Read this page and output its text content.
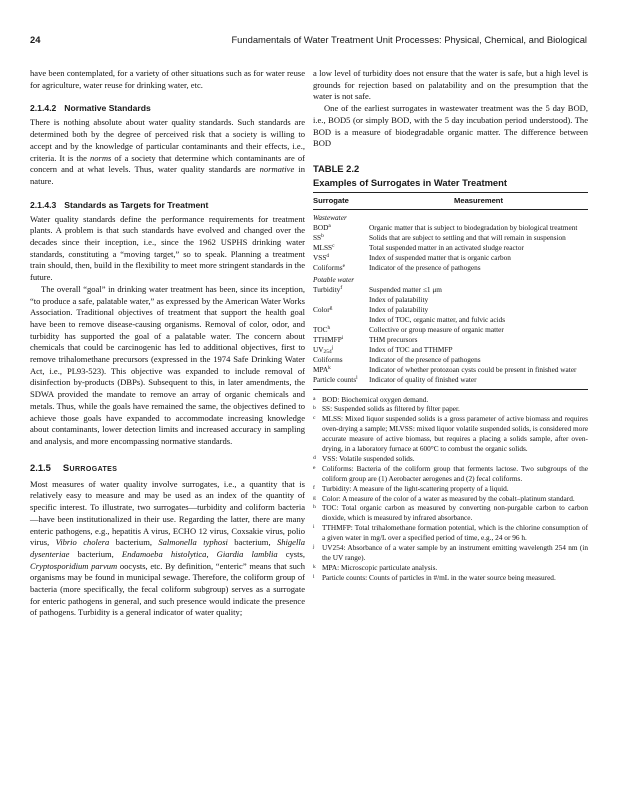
24	Fundamentals of Water Treatment Unit Processes: Physical, Chemical, and Biological

have been contemplated, for a variety of other situations such as for water reuse for agriculture, water reuse for drinking water, etc.

2.1.4.2 Normative Standards

There is nothing absolute about water quality standards. Such standards are determined both by the degree of perceived risk that a society is willing to accept and by the knowledge of particular contaminants and their effects, i.e., criteria. It is the norms of a society that determine which contaminants are of concern and at what levels. Thus, water quality standards are normative in nature.

2.1.4.3 Standards as Targets for Treatment

Water quality standards define the performance requirements for treatment plants. A problem is that such standards have evolved and changed over the decades since their inception, i.e., since the 1962 USPHS drinking water standards, constituting a “moving target,” so to speak. Planning a treatment train should, then, build in the flexibility to meet more stringent standards in the future.

The overall “goal” in drinking water treatment has been, since its inception, “to produce a safe, palatable water,” as expressed by the American Water Works Association. Traditional objectives of treatment that support the health goal have been to remove disease-causing organisms. Removal of color, odor, and turbidity has supported the goal of a palatable water. The concern about chemicals that could be carcinogenic has led to additional objectives, first to remove trihalomethane precursors (expressed in the 1974 Safe Drinking Water Act, i.e., PL93-523). This objective was expanded to include removal of disinfection by-products (DBPs). Subsequent to this, in later amendments, the SDWA provided the mandate to remove an array of organic chemicals and metals. Thus, while the goals have remained the same, the objectives defined to achieve those goals have expanded to accommodate increasing knowledge about contaminants, lower detection limits and increased accuracy in sampling and analysis, and more encompassing normative standards.

2.1.5 Surrogates

Most measures of water quality involve surrogates, i.e., a quantity that is relatively easy to measure and may be used as an index of the quantity of specific interest. To illustrate, two surrogates—turbidity and coliform bacteria—have been institutionalized in their use. Regarding the latter, there are many enteric pathogens, e.g., hepatitis A virus, ECHO 12 virus, Coxsakie virus, polio virus, Vibrio cholera bacterium, Salmonella typhosi bacterium, Shigella dysenteriae bacterium, Endamoeba histolytica, Giardia lamblia cysts, Cryptosporidium parvum oocysts, etc. By definition, “enteric” means that such organisms may be found in municipal sewage. Therefore, the coliform group of bacteria (more specifically, the fecal coliform subgroup) serves as a surrogate for enteric pathogens in general, and such presence would indicate the presence of pathogens. Turbidity is a general indicator of water quality;

a low level of turbidity does not ensure that the water is safe, but a high level is grounds for rejection based on palatability and on the presumption that the water is not safe.

One of the earliest surrogates in wastewater treatment was the 5 day BOD, i.e., BOD5 (or simply BOD, with the 5 day incubation period understood). The BOD is a measure of biodegradable organic matter. The difference between BOD

TABLE 2.2
Examples of Surrogates in Water Treatment
Surrogate	Measurement
Wastewater
BOD$^a$	Organic matter that is subject to biodegradation by biological treatment
$SS^b$	Solids that are subject to settling and that will remain in suspension
MLSS$^c$	Total suspended matter in an activated sludge reactor
VSS$^d$	Index of suspended matter that is organic carbon
Coliforms$^e$	Indicator of the presence of pathogens
Potable water
Turbidity$^f$	Suspended matter ≤1 μm
Index of palatability
Color$^g$	Index of palatability
Index of TOC, organic matter, and fulvic acids
TOC$^h$	Collective or group measure of organic matter
TTHMFP$^i$	THM precursors
$UV_{254}^j$	Index of TOC and TTHMFP
Coliforms	Indicator of the presence of pathogens
MPA$^k$	Indicator of whether protozoan cysts could be present in finished water
Particle counts$^l$	Indicator of quality of finished water
a BOD: Biochemical oxygen demand.
b SS: Suspended solids as filtered by filter paper.
c MLSS: Mixed liquor suspended solids is a gross parameter of active biomass and requires oven-drying a sample; MLVSS: mixed liquor volatile suspended solids, is considered more accurate measure of active biomass, but requires a placing a solids sample, after oven-drying, in a laboratory furnace at 600°C to combust the organic solids.
d VSS: Volatile suspended solids.
e Coliforms: Bacteria of the coliform group that ferments lactose. Two subgroups of the coliform group are (1) Aerobacter aerogenes and (2) fecal coliforms.
f Turbidity: A measure of the light-scattering property of a liquid.
g Color: A measure of the color of a water as measured by the cobalt–platinum standard.
h TOC: Total organic carbon as measured by converting non-purgable carbon to carbon dioxide, which is measured by infrared absorbance.
i	TTHMFP: Total trihalomethane formation potential, which is the chlorine consumption of a given water in mg/L over a specified period of time, e.g., 24 or 96 h.
j	UV254: Absorbance of a water sample by an instrument emitting wavelength 254 nm (in the UV range).
k MPA: Microscopic particulate analysis.
l	Particle counts: Counts of particles in #/mL in the water source being measured.
